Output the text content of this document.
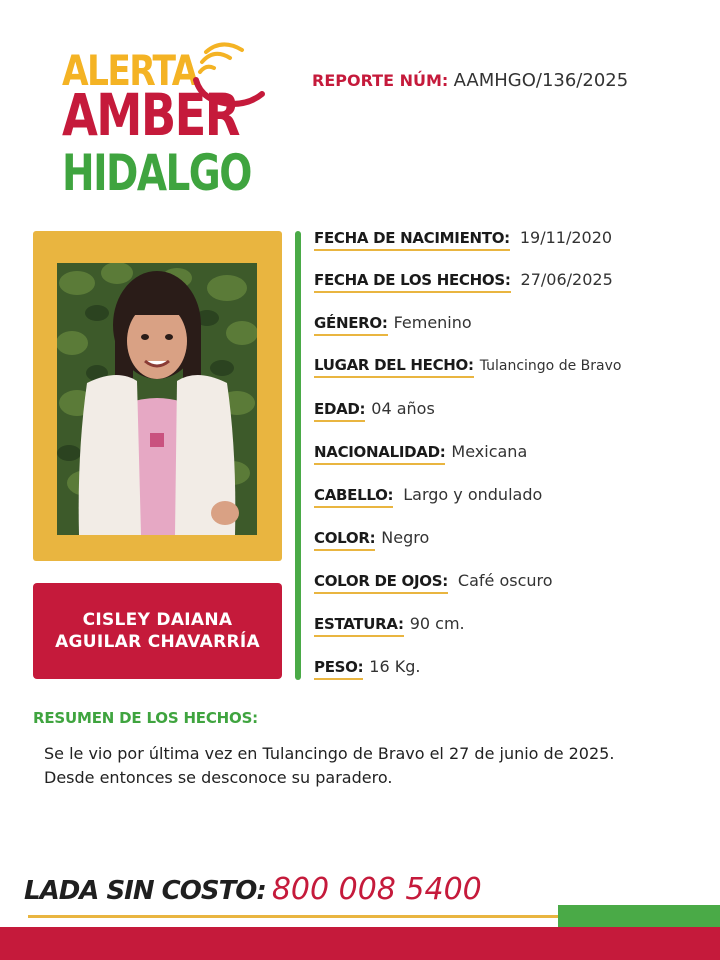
ALERTA
AMBER
HIDALGO
REPORTE NÚM: AAMHGO/136/2025
CISLEY DAIANA
AGUILAR CHAVARRÍA
FECHA DE NACIMIENTO: 19/11/2020
FECHA DE LOS HECHOS: 27/06/2025
GÉNERO: Femenino
LUGAR DEL HECHO: Tulancingo de Bravo
EDAD: 04 años
NACIONALIDAD: Mexicana
CABELLO: Largo y ondulado
COLOR: Negro
COLOR DE OJOS: Café oscuro
ESTATURA: 90 cm.
PESO: 16 Kg.
RESUMEN DE LOS HECHOS:
Se le vio por última vez en Tulancingo de Bravo el 27 de junio de 2025.
Desde entonces se desconoce su paradero.
LADA SIN COSTO: 800 008 5400
